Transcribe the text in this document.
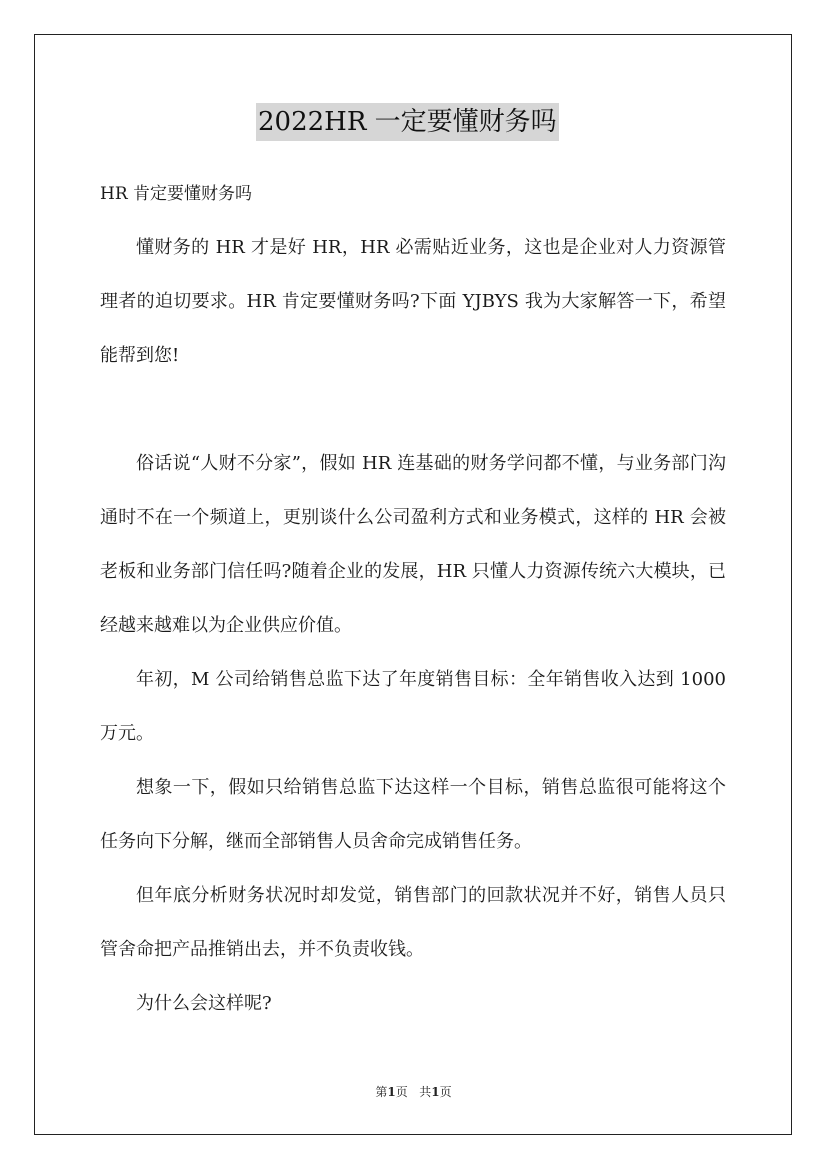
2022HR 一定要懂财务吗
HR 肯定要懂财务吗

懂财务的 HR 才是好 HR，HR 必需贴近业务，这也是企业对人力资源管理者的迫切要求。HR 肯定要懂财务吗?下面 YJBYS 我为大家解答一下，希望能帮到您!

俗话说“人财不分家”，假如 HR 连基础的财务学问都不懂，与业务部门沟通时不在一个频道上，更别谈什么公司盈利方式和业务模式，这样的 HR 会被老板和业务部门信任吗?随着企业的发展，HR 只懂人力资源传统六大模块，已经越来越难以为企业供应价值。

年初，M 公司给销售总监下达了年度销售目标：全年销售收入达到 1000 万元。

想象一下，假如只给销售总监下达这样一个目标，销售总监很可能将这个任务向下分解，继而全部销售人员舍命完成销售任务。

但年底分析财务状况时却发觉，销售部门的回款状况并不好，销售人员只管舍命把产品推销出去，并不负责收钱。

为什么会这样呢?

第1页 共1页
